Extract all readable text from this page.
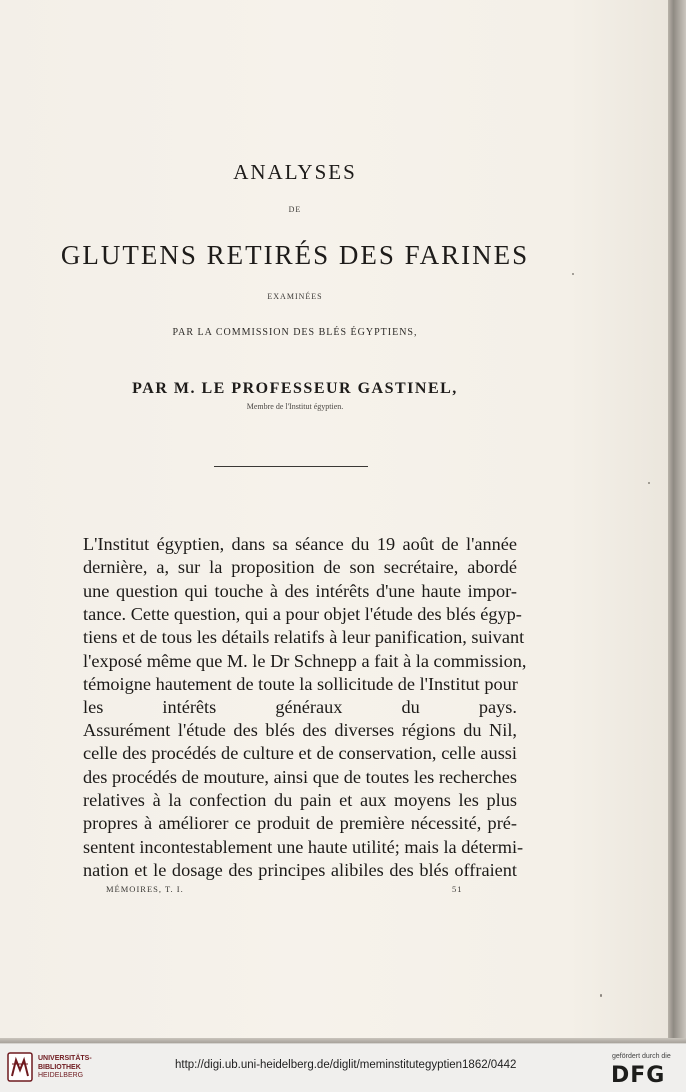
ANALYSES
DE
GLUTENS RETIRÉS DES FARINES
EXAMINÉES
PAR LA COMMISSION DES BLÉS ÉGYPTIENS,
PAR M. LE PROFESSEUR GASTINEL,
Membre de l'Institut égyptien.
L'Institut égyptien, dans sa séance du 19 août de l'année
dernière, a, sur la proposition de son secrétaire, abordé
une question qui touche à des intérêts d'une haute impor-
tance. Cette question, qui a pour objet l'étude des blés égyp-
tiens et de tous les détails relatifs à leur panification, suivant
l'exposé même que M. le Dr Schnepp a fait à la commission,
témoigne hautement de toute la sollicitude de l'Institut pour
les intérêts généraux du pays.
Assurément l'étude des blés des diverses régions du Nil,
celle des procédés de culture et de conservation, celle aussi
des procédés de mouture, ainsi que de toutes les recherches
relatives à la confection du pain et aux moyens les plus
propres à améliorer ce produit de première nécessité, pré-
sentent incontestablement une haute utilité; mais la détermi-
nation et le dosage des principes alibiles des blés offraient
MÉMOIRES, T. I.	51
UNIVERSITÄTS-
BIBLIOTHEK
HEIDELBERG
http://digi.ub.uni-heidelberg.de/diglit/meminstitutegyptien1862/0442
gefördert durch die
DFG
